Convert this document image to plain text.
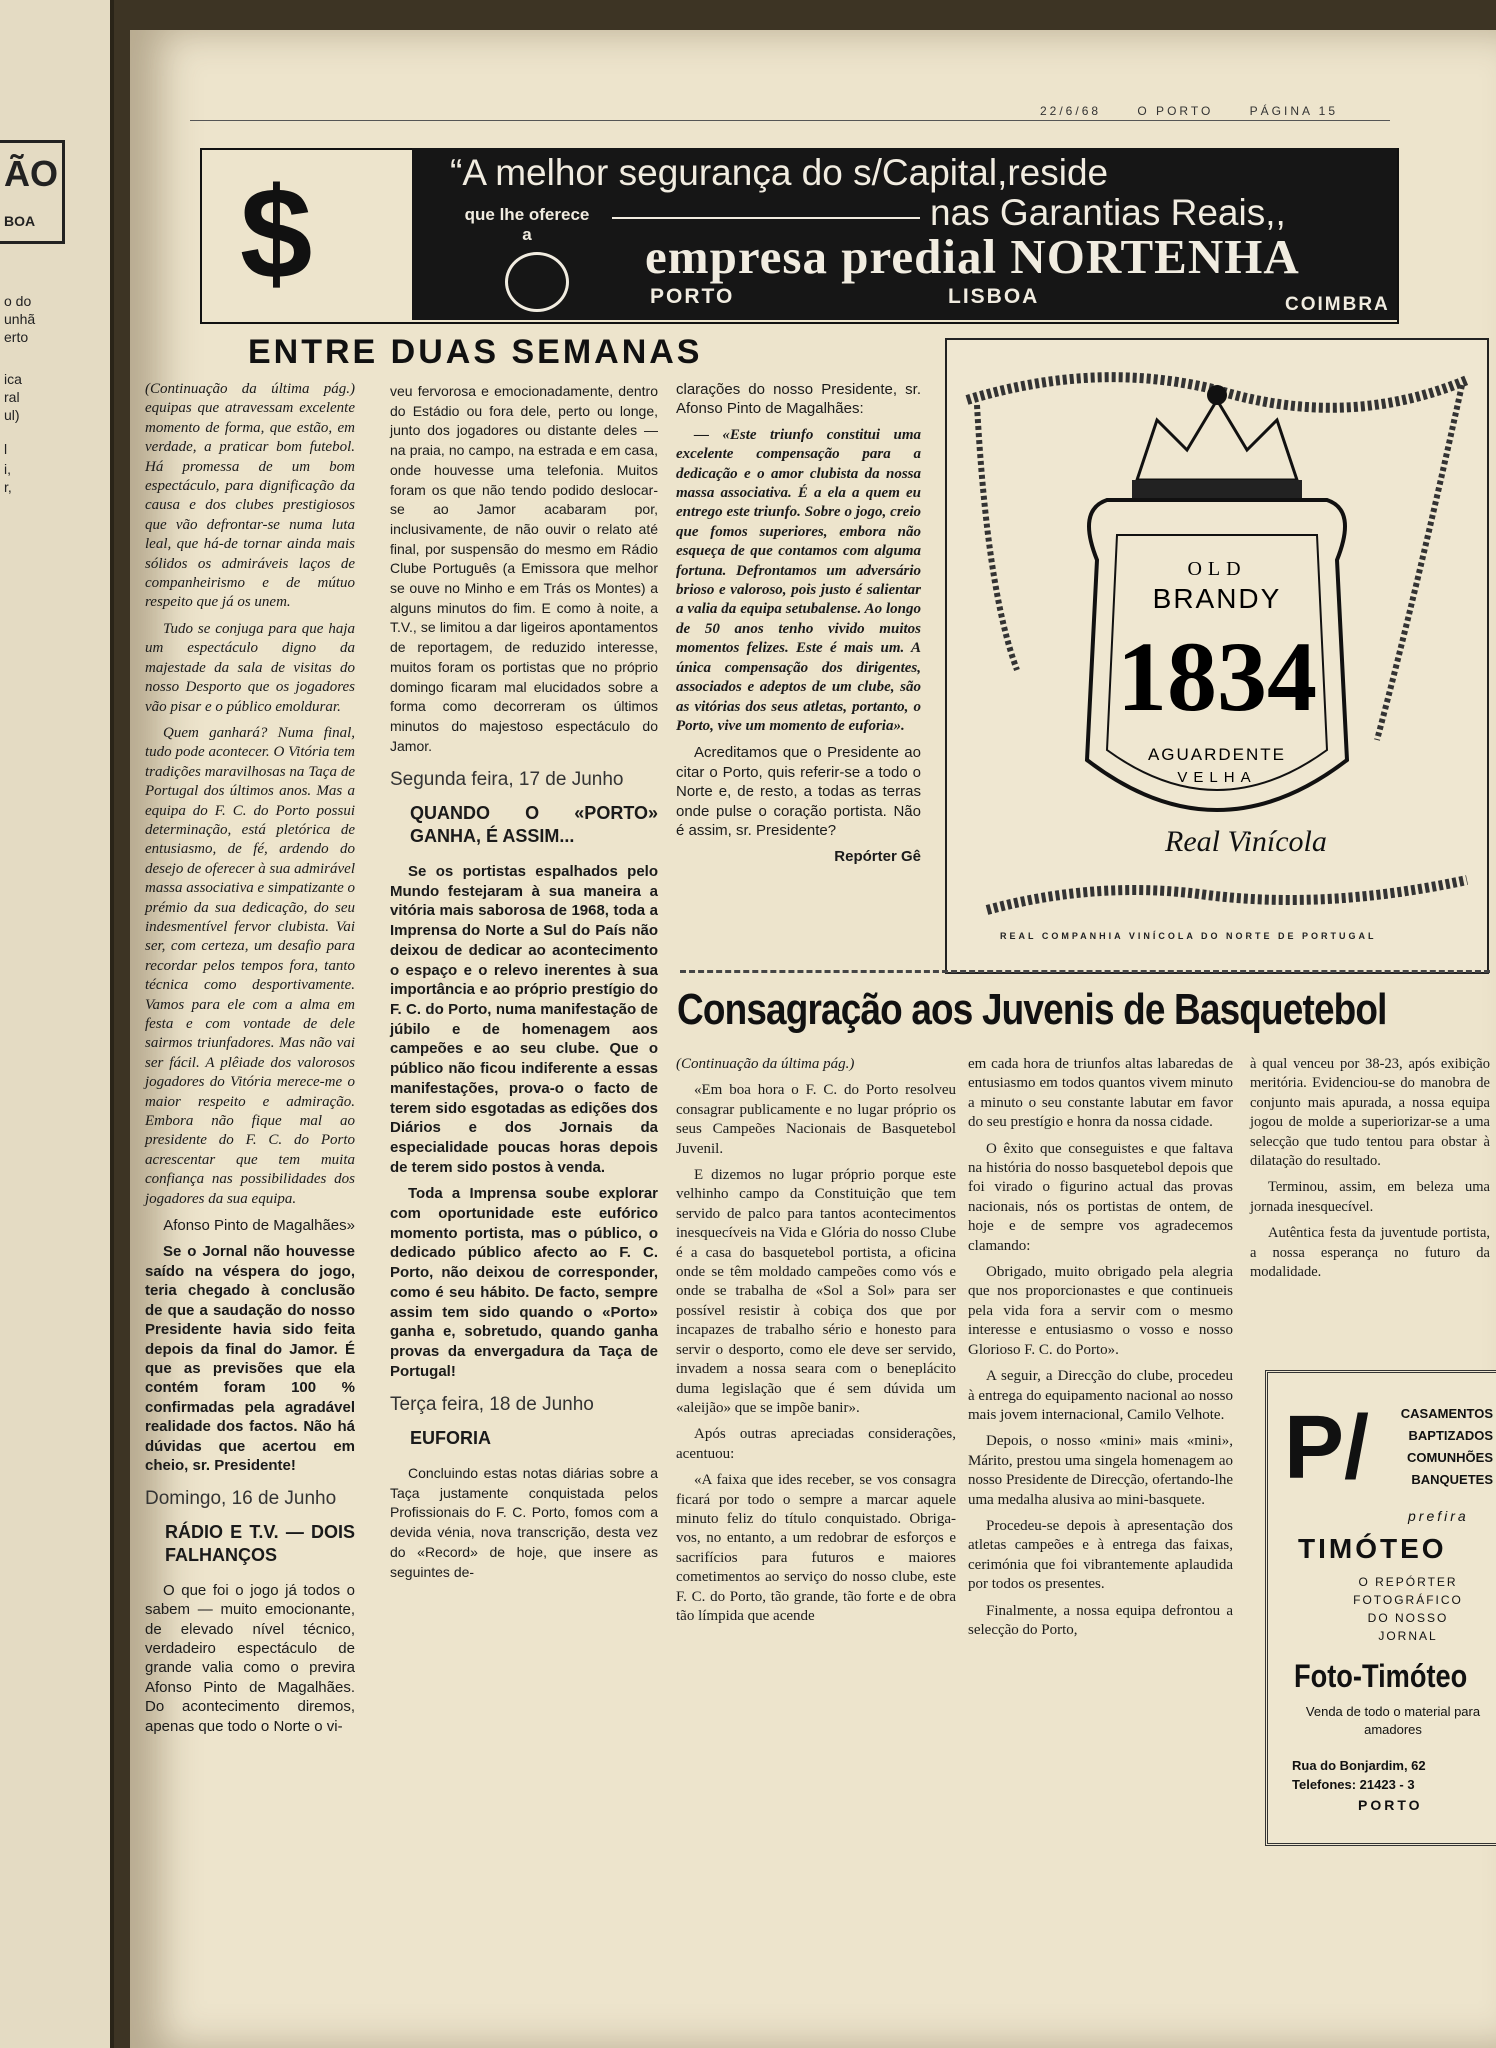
ÃO
BOA
o do
unhã
erto
ica
ral
ul)
l
i,
r,
22/6/68	O PORTO	PÁGINA 15
$	“A melhor segurança do s/Capital,reside
que lhe oferece a
nas Garantias Reais,,
empresa predial NORTENHA
PORTO	LISBOA	COIMBRA
ENTRE DUAS SEMANAS

(Continuação da última pág.) equipas que atravessam excelente momento de forma, que estão, em verdade, a praticar bom futebol. Há promessa de um bom espectáculo, para dignificação da causa e dos clubes prestigiosos que vão defrontar-se numa luta leal, que há-de tornar ainda mais sólidos os admiráveis laços de companheirismo e de mútuo respeito que já os unem.

Tudo se conjuga para que haja um espectáculo digno da majestade da sala de visitas do nosso Desporto que os jogadores vão pisar e o público emoldurar.

Quem ganhará? Numa final, tudo pode acontecer. O Vitória tem tradições maravilhosas na Taça de Portugal dos últimos anos. Mas a equipa do F. C. do Porto possui determinação, está pletórica de entusiasmo, de fé, ardendo do desejo de oferecer à sua admirável massa associativa e simpatizante o prémio da sua dedicação, do seu indesmentível fervor clubista. Vai ser, com certeza, um desafio para recordar pelos tempos fora, tanto técnica como desportivamente. Vamos para ele com a alma em festa e com vontade de dele sairmos triunfadores. Mas não vai ser fácil. A plêiade dos valorosos jogadores do Vitória merece-me o maior respeito e admiração. Embora não fique mal ao presidente do F. C. do Porto acrescentar que tem muita confiança nas possibilidades dos jogadores da sua equipa.

Afonso Pinto de Magalhães»

Se o Jornal não houvesse saído na véspera do jogo, teria chegado à conclusão de que a saudação do nosso Presidente havia sido feita depois da final do Jamor. É que as previsões que ela contém foram 100 % confirmadas pela agradável realidade dos factos. Não há dúvidas que acertou em cheio, sr. Presidente!

Domingo, 16 de Junho

RÁDIO E T.V. — DOIS FALHANÇOS

O que foi o jogo já todos o sabem — muito emocionante, de elevado nível técnico, verdadeiro espectáculo de grande valia como o previra Afonso Pinto de Magalhães. Do acontecimento diremos, apenas que todo o Norte o vi-

veu fervorosa e emocionadamente, dentro do Estádio ou fora dele, perto ou longe, junto dos jogadores ou distante deles — na praia, no campo, na estrada e em casa, onde houvesse uma telefonia. Muitos foram os que não tendo podido deslocar-se ao Jamor acabaram por, inclusivamente, de não ouvir o relato até final, por suspensão do mesmo em Rádio Clube Português (a Emissora que melhor se ouve no Minho e em Trás os Montes) a alguns minutos do fim. E como à noite, a T.V., se limitou a dar ligeiros apontamentos de reportagem, de reduzido interesse, muitos foram os portistas que no próprio domingo ficaram mal elucidados sobre a forma como decorreram os últimos minutos do majestoso espectáculo do Jamor.

Segunda feira, 17 de Junho

QUANDO O «PORTO» GANHA, É ASSIM...

Se os portistas espalhados pelo Mundo festejaram à sua maneira a vitória mais saborosa de 1968, toda a Imprensa do Norte a Sul do País não deixou de dedicar ao acontecimento o espaço e o relevo inerentes à sua importância e ao próprio prestígio do F. C. do Porto, numa manifestação de júbilo e de homenagem aos campeões e ao seu clube. Que o público não ficou indiferente a essas manifestações, prova-o o facto de terem sido esgotadas as edições dos Diários e dos Jornais da especialidade poucas horas depois de terem sido postos à venda.

Toda a Imprensa soube explorar com oportunidade este eufórico momento portista, mas o público, o dedicado público afecto ao F. C. Porto, não deixou de corresponder, como é seu hábito. De facto, sempre assim tem sido quando o «Porto» ganha e, sobretudo, quando ganha provas da envergadura da Taça de Portugal!

Terça feira, 18 de Junho

EUFORIA

Concluindo estas notas diárias sobre a Taça justamente conquistada pelos Profissionais do F. C. Porto, fomos com a devida vénia, nova transcrição, desta vez do «Record» de hoje, que insere as seguintes de-

clarações do nosso Presidente, sr. Afonso Pinto de Magalhães:

— «Este triunfo constitui uma excelente compensação para a dedicação e o amor clubista da nossa massa associativa. É a ela a quem eu entrego este triunfo. Sobre o jogo, creio que fomos superiores, embora não esqueça de que contamos com alguma fortuna. Defrontamos um adversário brioso e valoroso, pois justo é salientar a valia da equipa setubalense. Ao longo de 50 anos tenho vivido muitos momentos felizes. Este é mais um. A única compensação dos dirigentes, associados e adeptos de um clube, são as vitórias dos seus atletas, portanto, o Porto, vive um momento de euforia».

Acreditamos que o Presidente ao citar o Porto, quis referir-se a todo o Norte e, de resto, a todas as terras onde pulse o coração portista. Não é assim, sr. Presidente?

Repórter Gê

OLD
BRANDY
1834
AGUARDENTE
VELHA
Real Vinícola
REAL COMPANHIA VINÍCOLA DO NORTE DE PORTUGAL
Consagração aos Juvenis de Basquetebol

(Continuação da última pág.)

«Em boa hora o F. C. do Porto resolveu consagrar publicamente e no lugar próprio os seus Campeões Nacionais de Basquetebol Juvenil.

E dizemos no lugar próprio porque este velhinho campo da Constituição que tem servido de palco para tantos acontecimentos inesquecíveis na Vida e Glória do nosso Clube é a casa do basquetebol portista, a oficina onde se têm moldado campeões como vós e onde se trabalha de «Sol a Sol» para ser possível resistir à cobiça dos que por incapazes de trabalho sério e honesto para servir o desporto, como ele deve ser servido, invadem a nossa seara com o beneplácito duma legislação que é sem dúvida um «aleijão» que se impõe banir».

Após outras apreciadas considerações, acentuou:

«A faixa que ides receber, se vos consagra ficará por todo o sempre a marcar aquele minuto feliz do título conquistado. Obriga-vos, no entanto, a um redobrar de esforços e sacrifícios para futuros e maiores cometimentos ao serviço do nosso clube, este F. C. do Porto, tão grande, tão forte e de obra tão límpida que acende

em cada hora de triunfos altas labaredas de entusiasmo em todos quantos vivem minuto a minuto o seu constante labutar em favor do seu prestígio e honra da nossa cidade.

O êxito que conseguistes e que faltava na história do nosso basquetebol depois que foi virado o figurino actual das provas nacionais, nós os portistas de ontem, de hoje e de sempre vos agradecemos clamando:

Obrigado, muito obrigado pela alegria que nos proporcionastes e que continueis pela vida fora a servir com o mesmo interesse e entusiasmo o vosso e nosso Glorioso F. C. do Porto».

A seguir, a Direcção do clube, procedeu à entrega do equipamento nacional ao nosso mais jovem internacional, Camilo Velhote.

Depois, o nosso «mini» mais «mini», Márito, prestou uma singela homenagem ao nosso Presidente de Direcção, ofertando-lhe uma medalha alusiva ao mini-basquete.

Procedeu-se depois à apresentação dos atletas campeões e à entrega das faixas, cerimónia que foi vibrantemente aplaudida por todos os presentes.

Finalmente, a nossa equipa defrontou a selecção do Porto,

à qual venceu por 38-23, após exibição meritória. Evidenciou-se do manobra de conjunto mais apurada, a nossa equipa jogou de molde a superiorizar-se a uma selecção que tudo tentou para obstar à dilatação do resultado.

Terminou, assim, em beleza uma jornada inesquecível.

Autêntica festa da juventude portista, a nossa esperança no futuro da modalidade.

P/	CASAMENTOS
BAPTIZADOS
COMUNHÕES
BANQUETES
prefira
TIMÓTEO
O REPÓRTER
FOTOGRÁFICO
DO NOSSO
JORNAL
Foto-Timóteo
Venda de todo o material para amadores
Rua do Bonjardim, 62
Telefones: 21423 - 3
PORTO
